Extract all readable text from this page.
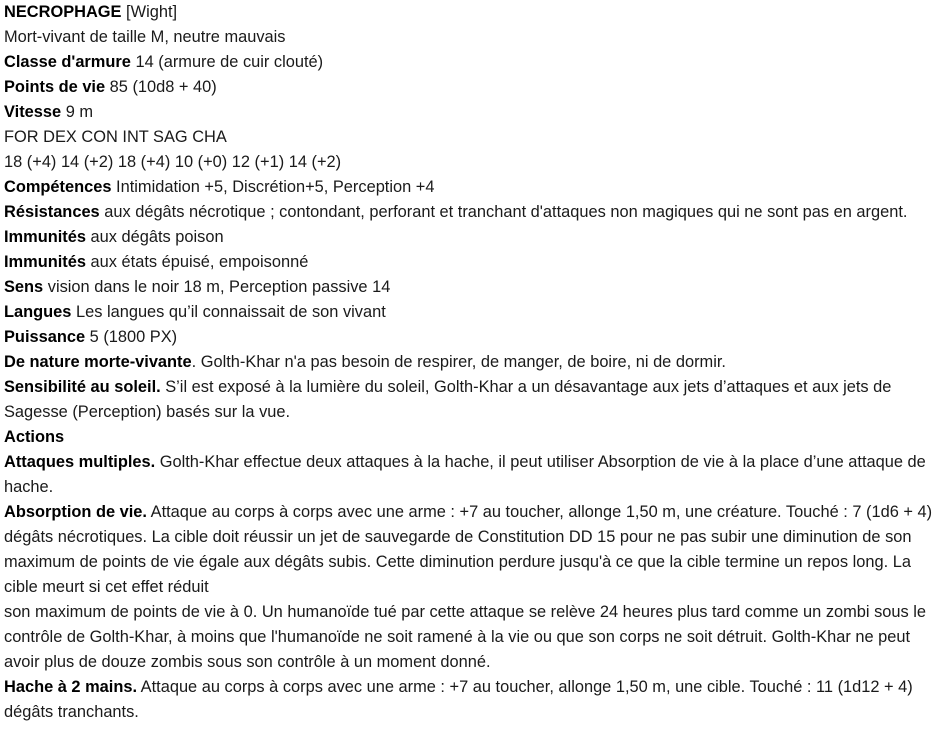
NECROPHAGE [Wight]

Mort-vivant de taille M, neutre mauvais

Classe d'armure 14 (armure de cuir clouté)

Points de vie 85 (10d8 + 40)

Vitesse 9 m

FOR DEX CON INT SAG CHA

18 (+4) 14 (+2) 18 (+4) 10 (+0) 12 (+1) 14 (+2)

Compétences Intimidation +5, Discrétion+5, Perception +4

Résistances aux dégâts nécrotique ; contondant, perforant et tranchant d'attaques non magiques qui ne sont pas en argent.

Immunités aux dégâts poison

Immunités aux états épuisé, empoisonné

Sens vision dans le noir 18 m, Perception passive 14

Langues Les langues qu’il connaissait de son vivant

Puissance 5 (1800 PX)

De nature morte-vivante. Golth-Khar n'a pas besoin de respirer, de manger, de boire, ni de dormir.

Sensibilité au soleil. S’il est exposé à la lumière du soleil, Golth-Khar a un désavantage aux jets d’attaques et aux jets de Sagesse (Perception) basés sur la vue.

Actions

Attaques multiples. Golth-Khar effectue deux attaques à la hache, il peut utiliser Absorption de vie à la place d’une attaque de hache.

Absorption de vie. Attaque au corps à corps avec une arme : +7 au toucher, allonge 1,50 m, une créature. Touché : 7 (1d6 + 4) dégâts nécrotiques. La cible doit réussir un jet de sauvegarde de Constitution DD 15 pour ne pas subir une diminution de son maximum de points de vie égale aux dégâts subis. Cette diminution perdure jusqu'à ce que la cible termine un repos long. La cible meurt si cet effet réduit

son maximum de points de vie à 0. Un humanoïde tué par cette attaque se relève 24 heures plus tard comme un zombi sous le contrôle de Golth-Khar, à moins que l'humanoïde ne soit ramené à la vie ou que son corps ne soit détruit. Golth-Khar ne peut avoir plus de douze zombis sous son contrôle à un moment donné.

Hache à 2 mains. Attaque au corps à corps avec une arme : +7 au toucher, allonge 1,50 m, une cible. Touché : 11 (1d12 + 4) dégâts tranchants.
